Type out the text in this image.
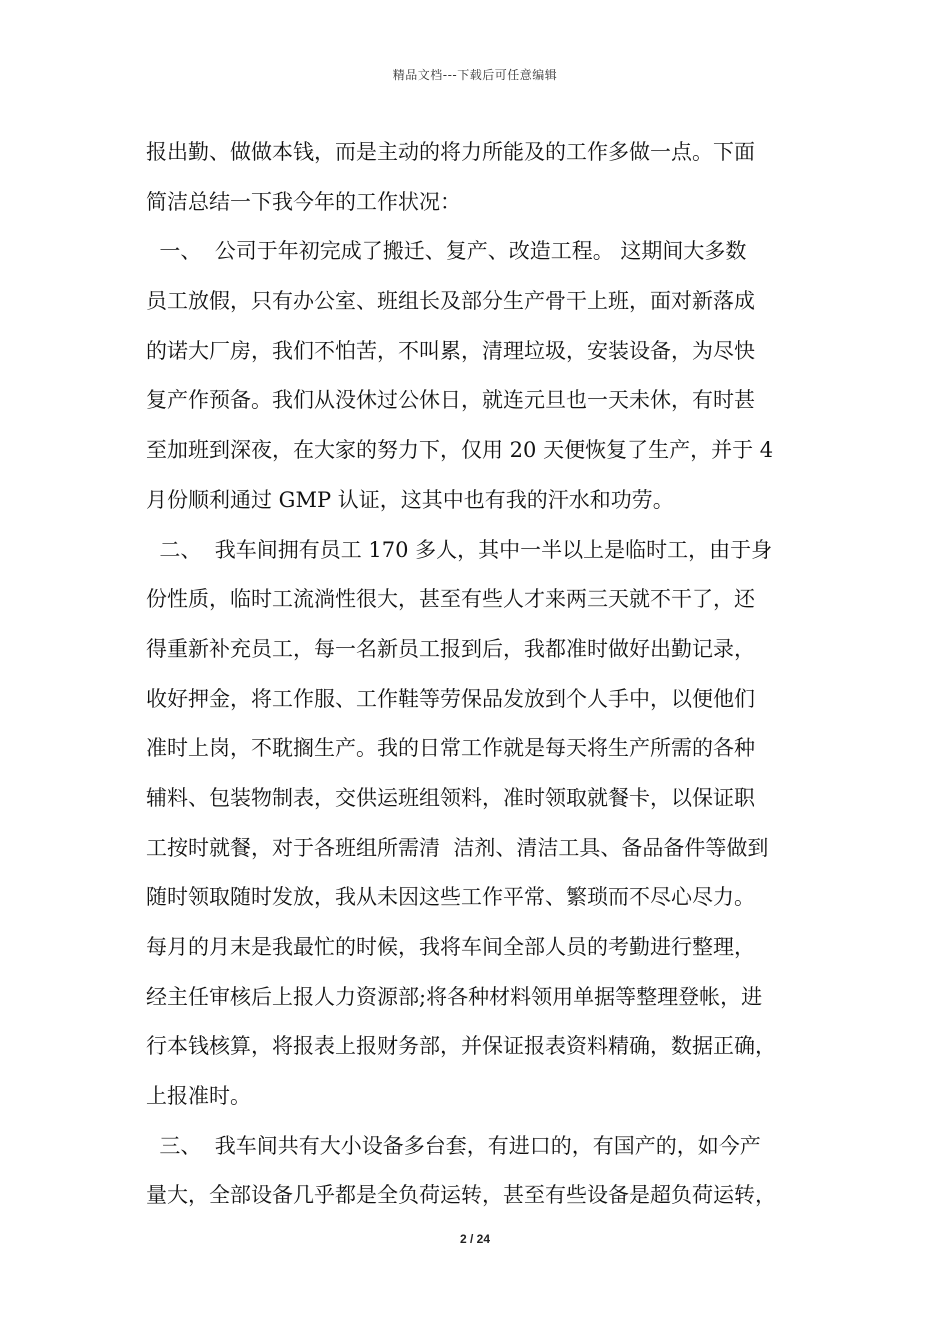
精品文档---下载后可任意编辑
报出勤、做做本钱，而是主动的将力所能及的工作多做一点。下面
简洁总结一下我今年的工作状况：
一、  公司于年初完成了搬迁、复产、改造工程。 这期间大多数
员工放假，只有办公室、班组长及部分生产骨干上班，面对新落成
的诺大厂房，我们不怕苦，不叫累，清理垃圾，安装设备，为尽快
复产作预备。我们从没休过公休日，就连元旦也一天未休，有时甚
至加班到深夜，在大家的努力下，仅用 20 天便恢复了生产，并于 4
月份顺利通过 GMP 认证，这其中也有我的汗水和功劳。
二、  我车间拥有员工 170 多人，其中一半以上是临时工，由于身
份性质，临时工流淌性很大，甚至有些人才来两三天就不干了，还
得重新补充员工，每一名新员工报到后，我都准时做好出勤记录，
收好押金，将工作服、工作鞋等劳保品发放到个人手中，以便他们
准时上岗，不耽搁生产。我的日常工作就是每天将生产所需的各种
辅料、包装物制表，交供运班组领料，准时领取就餐卡，以保证职
工按时就餐，对于各班组所需清  洁剂、清洁工具、备品备件等做到
随时领取随时发放，我从未因这些工作平常、繁琐而不尽心尽力。
每月的月末是我最忙的时候，我将车间全部人员的考勤进行整理，
经主任审核后上报人力资源部;将各种材料领用单据等整理登帐，进
行本钱核算，将报表上报财务部，并保证报表资料精确，数据正确，
上报准时。
三、  我车间共有大小设备多台套，有进口的，有国产的，如今产
量大，全部设备几乎都是全负荷运转，甚至有些设备是超负荷运转，
2 / 24
